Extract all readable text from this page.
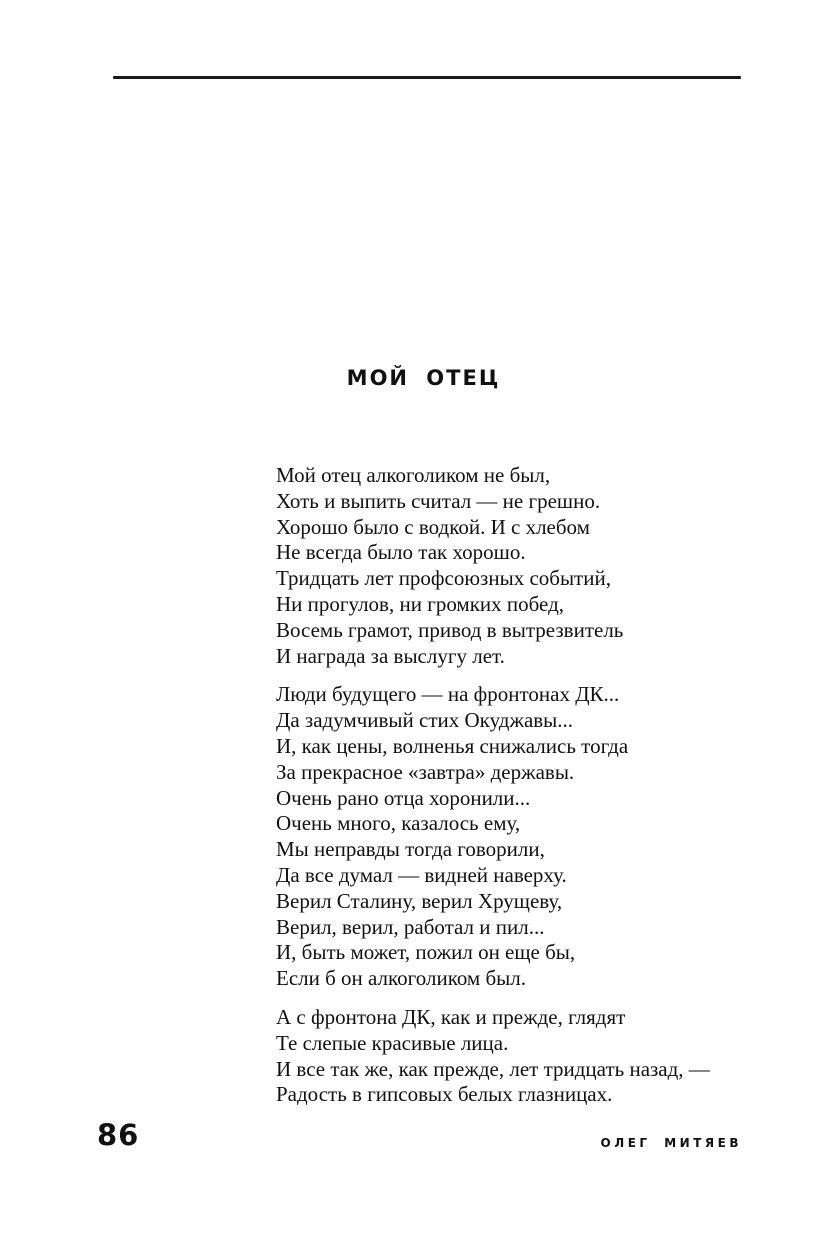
МОЙ ОТЕЦ
Мой отец алкоголиком не был,
Хоть и выпить считал — не грешно.
Хорошо было с водкой. И с хлебом
Не всегда было так хорошо.
Тридцать лет профсоюзных событий,
Ни прогулов, ни громких побед,
Восемь грамот, привод в вытрезвитель
И награда за выслугу лет.
Люди будущего — на фронтонах ДК...
Да задумчивый стих Окуджавы...
И, как цены, волненья снижались тогда
За прекрасное «завтра» державы.
Очень рано отца хоронили...
Очень много, казалось ему,
Мы неправды тогда говорили,
Да все думал — видней наверху.
Верил Сталину, верил Хрущеву,
Верил, верил, работал и пил...
И, быть может, пожил он еще бы,
Если б он алкоголиком был.
А с фронтона ДК, как и прежде, глядят
Те слепые красивые лица.
И все так же, как прежде, лет тридцать назад, —
Радость в гипсовых белых глазницах.
86	ОЛЕГ МИТЯЕВ
